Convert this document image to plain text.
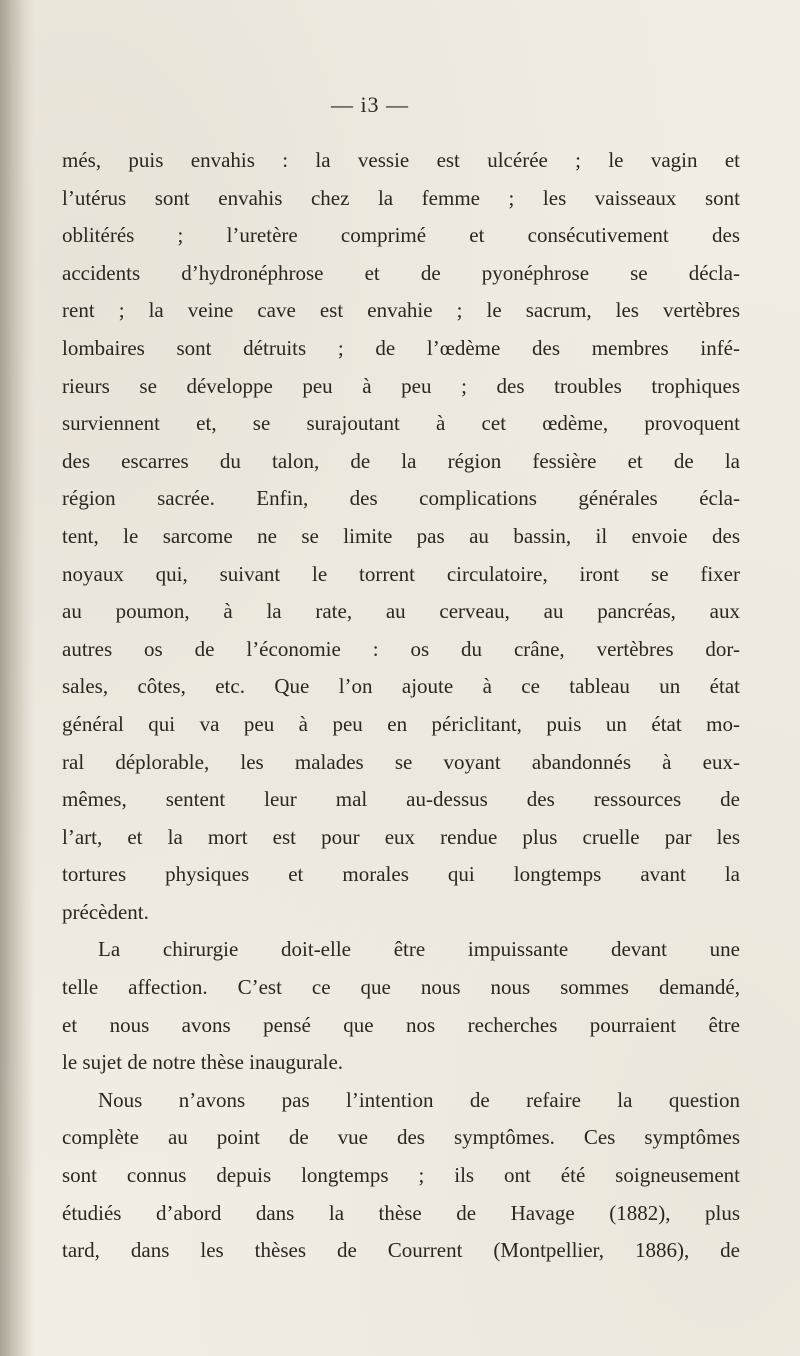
— i3 —
més, puis envahis : la vessie est ulcérée ; le vagin et
l’utérus sont envahis chez la femme ; les vaisseaux sont
oblitérés ; l’uretère comprimé et consécutivement des
accidents d’hydronéphrose et de pyonéphrose se décla-
rent ; la veine cave est envahie ; le sacrum, les vertèbres
lombaires sont détruits ; de l’œdème des membres infé-
rieurs se développe peu à peu ; des troubles trophiques
surviennent et, se surajoutant à cet œdème, provoquent
des escarres du talon, de la région fessière et de la
région sacrée. Enfin, des complications générales écla-
tent, le sarcome ne se limite pas au bassin, il envoie des
noyaux qui, suivant le torrent circulatoire, iront se fixer
au poumon, à la rate, au cerveau, au pancréas, aux
autres os de l’économie : os du crâne, vertèbres dor-
sales, côtes, etc. Que l’on ajoute à ce tableau un état
général qui va peu à peu en périclitant, puis un état mo-
ral déplorable, les malades se voyant abandonnés à eux-
mêmes, sentent leur mal au-dessus des ressources de
l’art, et la mort est pour eux rendue plus cruelle par les
tortures physiques et morales qui longtemps avant la
précèdent.
La chirurgie doit-elle être impuissante devant une
telle affection. C’est ce que nous nous sommes demandé,
et nous avons pensé que nos recherches pourraient être
le sujet de notre thèse inaugurale.
Nous n’avons pas l’intention de refaire la question
complète au point de vue des symptômes. Ces symptômes
sont connus depuis longtemps ; ils ont été soigneusement
étudiés d’abord dans la thèse de Havage (1882), plus
tard, dans les thèses de Courrent (Montpellier, 1886), de
